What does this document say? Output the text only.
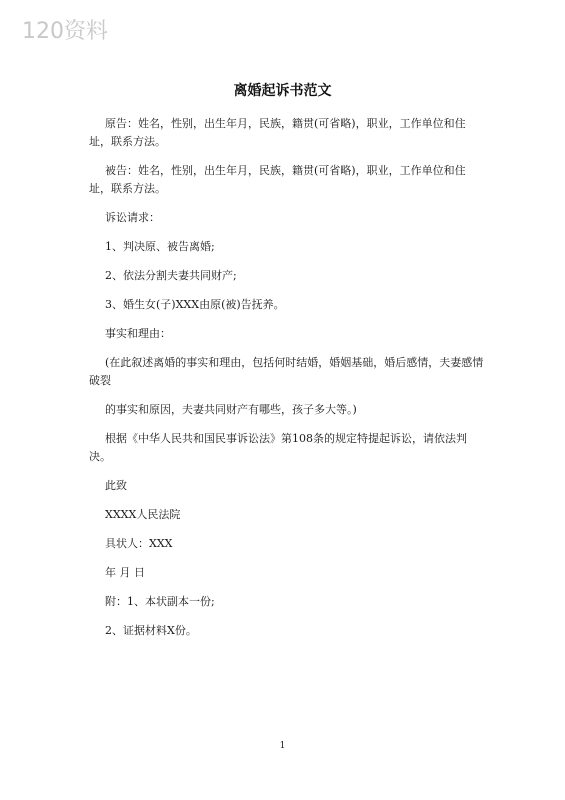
120资料
离婚起诉书范文

原告：姓名，性别，出生年月，民族，籍贯(可省略)，职业，工作单位和住址，联系方法。

被告：姓名，性别，出生年月，民族，籍贯(可省略)，职业，工作单位和住址，联系方法。

诉讼请求：

1、判决原、被告离婚;

2、依法分割夫妻共同财产;

3、婚生女(子)XXX由原(被)告抚养。

事实和理由：

(在此叙述离婚的事实和理由，包括何时结婚，婚姻基础，婚后感情，夫妻感情破裂

的事实和原因，夫妻共同财产有哪些，孩子多大等。)

根据《中华人民共和国民事诉讼法》第108条的规定特提起诉讼，请依法判决。

此致

XXXX人民法院

具状人：XXX

年 月 日

附：1、本状副本一份;

2、证据材料X份。

1
